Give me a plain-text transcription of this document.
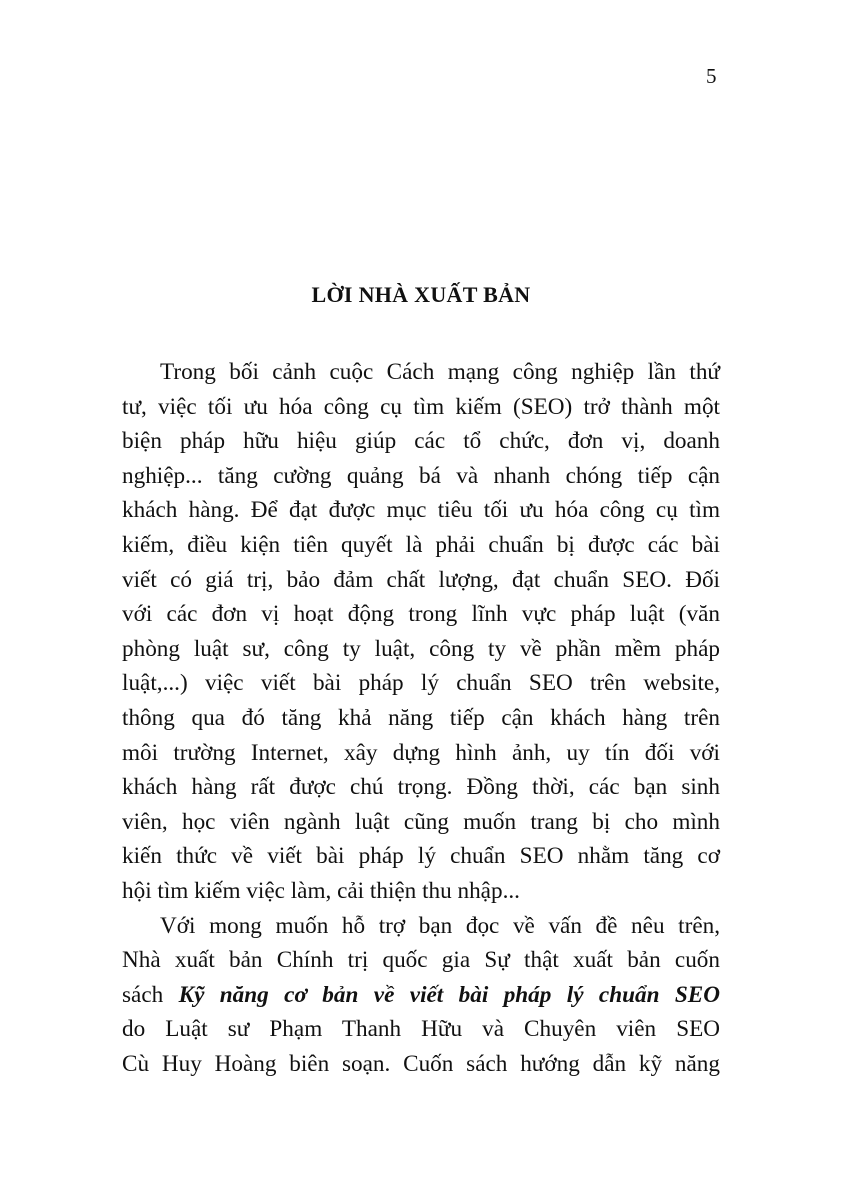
5
LỜI NHÀ XUẤT BẢN
Trong bối cảnh cuộc Cách mạng công nghiệp lần thứ
tư, việc tối ưu hóa công cụ tìm kiếm (SEO) trở thành một
biện pháp hữu hiệu giúp các tổ chức, đơn vị, doanh
nghiệp... tăng cường quảng bá và nhanh chóng tiếp cận
khách hàng. Để đạt được mục tiêu tối ưu hóa công cụ tìm
kiếm, điều kiện tiên quyết là phải chuẩn bị được các bài
viết có giá trị, bảo đảm chất lượng, đạt chuẩn SEO. Đối
với các đơn vị hoạt động trong lĩnh vực pháp luật (văn
phòng luật sư, công ty luật, công ty về phần mềm pháp
luật,...) việc viết bài pháp lý chuẩn SEO trên website,
thông qua đó tăng khả năng tiếp cận khách hàng trên
môi trường Internet, xây dựng hình ảnh, uy tín đối với
khách hàng rất được chú trọng. Đồng thời, các bạn sinh
viên, học viên ngành luật cũng muốn trang bị cho mình
kiến thức về viết bài pháp lý chuẩn SEO nhằm tăng cơ
hội tìm kiếm việc làm, cải thiện thu nhập...
Với mong muốn hỗ trợ bạn đọc về vấn đề nêu trên,
Nhà xuất bản Chính trị quốc gia Sự thật xuất bản cuốn
sách Kỹ năng cơ bản về viết bài pháp lý chuẩn SEO
do Luật sư Phạm Thanh Hữu và Chuyên viên SEO
Cù Huy Hoàng biên soạn. Cuốn sách hướng dẫn kỹ năng
